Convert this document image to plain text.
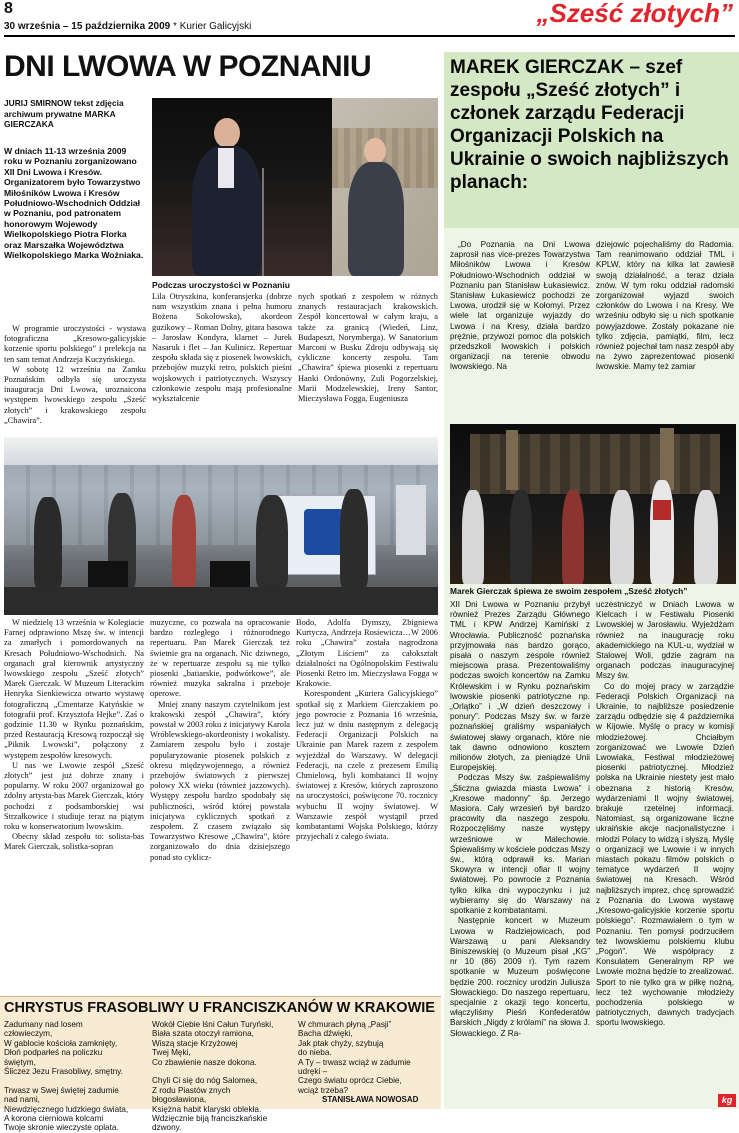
8
30 września – 15 października 2009 * Kurier Galicyjski	„Sześć złotych”
DNI LWOWA W POZNANIU
JURIJ SMIRNOW tekst zdjęcia archiwum prywatne MARKA GIERCZAKA
W dniach 11-13 września 2009 roku w Poznaniu zorganizowano XII Dni Lwowa i Kresów. Organizatorem było Towarzystwo Miłośników Lwowa i Kresów Południowo-Wschodnich Oddział w Poznaniu, pod patronatem honorowym Wojewody Wielkopolskiego Piotra Florka oraz Marszałka Województwa Wielkopolskiego Marka Woźniaka.

W programie uroczystości - wystawa fotograficzna „Kresowo-galicyjskie korzenie sportu polskiego” i prelekcja na ten sam temat Andrzeja Kuczyńskiego.

W sobotę 12 września na Zamku Poznańskim odbyła się uroczysta inauguracja Dni Lwowa, uroznaicona występem lwowskiego zespołu „Sześć złotych” i krakowskiego zespołu „Chawira”.

Podczas uroczystości w Poznaniu

Lila Otryszkina, konferansjerka (dobrze nam wszystkim znana i pełna humoru Bożena Sokołowska), akordeon guzikowy – Roman Dolny, gitara basowa – Jarosław Kondyra, klarnet – Jurek Nasaruk i flet – Jan Kulinicz. Repertuar zespołu składa się z piosenek lwowskich, przebojów muzyki retro, polskich pieśni wojskowych i patriotycznych. Wszyscy członkowie zespołu mają profesionalne wykształcenie

nych spotkań z zespołem w różnych znanych restauracjach krakowskich. Zespół koncertował w całym kraju, a także za granicą (Wiedeń, Linz, Budapeszt, Norymberga). W Sanatorium Marconi w Busku Zdroju odbywają się cykliczne koncerty zespołu. Tam „Chawira” śpiewa piosenki z repertuaru Hanki Ordonówny, Zuli Pogorzelskiej, Marii Modzelewskiej, Ireny Santor, Mieczysława Fogga, Eugeniusza

W niedzielę 13 września w Kolegiacie Farnej odprawiono Mszę św. w intencji za zmarłych i pomordowanych na Kresach Południowo-Wschodnich. Na organach grał kierownik artystyczny lwowskiego zespołu „Sześć złotych” Marek Gierczak. W Muzeum Literackim Henryka Sienkiewicza otwarto wystawę fotograficzną „Cmentarze Katyńskie w fotografii prof. Krzysztofa Hejke”. Zaś o godzinie 11.30 w Rynku poznańskim, przed Restauracją Kresową rozpoczął się „Piknik Lwowski”, połączony z występem zespołów kresowych.

U nas we Lwowie zespół „Sześć złotych” jest już dobrze znany i popularny. W roku 2007 organizował go zdolny artysta-bas Marek Gierczak, który pochodzi z podsamborskiej wsi Strzałkowice i studiuje teraz na piątym roku w konserwatorium lwowskim.

Obecny skład zespołu to: solista-bas Marek Gierczak, solistka-sopran

muzyczne, co pozwala na opracowanie bardzo rozległego i różnorodnego repertuaru. Pan Marek Gierczak też świetnie gra na organach. Nic dziwnego, że w repertuarze zespołu są nie tylko piosenki „batiarskie, podwórkowe”, ale również muzyka sakralna i przeboje operowe.

Mniej znany naszym czytelnikom jest krakowski zespół „Chawira”, który powstał w 2003 roku z inicjatywy Karola Wróblewskiego-akordeonisty i wokalisty. Zamiarem zespołu było i zostaje popularyzowanie piosenek polskich z okresu międzywojennego, a również przebojów światowych z pierwszej połowy XX wieku (również jazzowych). Występy zespołu bardzo spodobały się publiczności, wśród której powstała inicjatywa cyklicznych spotkań z zespołem. Z czasem związało się Towarzystwo Kresowe „Chawira”, które zorganizowało do dnia dzisiejszego ponad sto cyklicz-

Bodo, Adolfa Dymszy, Zbigniewa Kurtycza, Andrzeja Rosiewicza…W 2006 roku „Chawira” została nagrodzona „Złotym Liściem” za całokształt działalności na Ogólnopolskim Festiwalu Piosenki Retro im. Mieczysława Fogga w Krakowie.

Korespondent „Kuriera Galicyjskiego” spotkał się z Markiem Gierczakiem po jego powrocie z Poznania 16 września, lecz już w dniu następnym z delegacją Federacji Organizacji Polskich na Ukrainie pan Marek razem z zespołem wyjeżdżał do Warszawy. W delegacji Federacji, na czele z prezesem Emilią Chmielową, byli kombatanci II wojny światowej z Kresów, których zaproszono na uroczystości, poświęcone 70. rocznicy wybuchu II wojny światowej. W Warszawie zespół wystąpił przed kombatantami Wojska Polskiego, którzy przyjechali z całego świata.

CHRYSTUS FRASOBLIWY U FRANCISZKANÓW W KRAKOWIE
Zadumany nad losem
człowieczym,
W gablocie kościoła zamknięty,
Dłoń podparłeś na policzku
świętym,
Śliczez Jezu Frasobliwy, smętny.

Trwasz w Swej świętej zadumie
nad nami,
Niewdzięcznego ludzkiego świata,
A korona cierniowa kolcami
Twoje skronie wieczyste oplata.
Wokół Ciebie lśni Całun Turyński,
Biała szata otoczył ramiona,
Wiszą stacje Krzyżowej
Twej Męki,
Co zbawienie nasze dokona.

Chyli Ci się do nóg Salomea,
Z rodu Piastów znych
błogosławiona,
Księżna habit klaryski oblekła.
Wdzięcznie biją franciszkańskie
dzwony.
W chmurach płyną „Pasji”
Bacha dźwięki,
Jak ptak chyży, szybują
do nieba.
A Ty – trwasz wciąż w zadumie
udręki –
Czego światu oprócz Ciebie,
wciąż trzeba?
STANISŁAWA NOWOSAD
MAREK GIERCZAK – szef zespołu „Sześć złotych” i członek zarządu Federacji Organizacji Polskich na Ukrainie o swoich najbliższych planach:

„Do Poznania na Dni Lwowa zaprosił nas vice-prezes Towarzystwa Miłośników Lwowa i Kresów Południowo-Wschodnich oddział w Poznaniu pan Stanisław Łukasiewicz. Stanisław Łukasiewicz pochodzi ze Lwowa, urodził się w Kołomyi. Przez wiele lat organizuje wyjazdy do Lwowa i na Kresy, działa bardzo prężnie, przywozi pomoc dla polskich przedszkoli lwowskich i polskich organizacji na terenie obwodu lwowskiego. Na

dziejowic pojechaliśmy do Radomia. Tam reanimowano oddział TML i KPLW, który na kilka lat zawiesił swoją działalność, a teraz działa znów. W tym roku oddział radomski zorganizował wyjazd swoich członków do Lwowa i na Kresy. We wrześniu odbyło się u nich spotkanie powyjazdowe. Zostały pokazane nie tylko zdjęcia, pamiątki, film, lecz również pojechał tam nasz zespół aby na żywo zaprezentować piosenki lwowskie. Mamy też zamiar

Marek Gierczak śpiewa ze swoim zespołem „Sześć złotych”

XII Dni Lwowa w Poznaniu przybył również Prezes Zarządu Głównego TML i KPW Andrzej Kamiński z Wrocławia. Publiczność poznańska przyjmowała nas bardzo gorąco, pisała o naszym zespole również miejscowa prasa. Prezentowaliśmy podczas swoich koncertów na Zamku Królewskim i w Rynku poznańskim lwowskie piosenki patriotyczne np. „Orlątko” i „W dzień deszczowy i ponury”. Podczas Mszy św. w farze poznańskiej graliśmy wspaniałych światowej sławy organach, które nie tak dawno odnowiono kosztem milionów złotych, za pieniądze Unii Europejskiej.

Podczas Mszy św. zaśpiewaliśmy „Śliczna gwiazda miasta Lwowa” i „Kresowe madonny” śp. Jerzego Masiora. Cały wrzesień był bardzo pracowity dla naszego zespołu. Rozpoczęliśmy nasze występy wrześniowe w Malechowie. Śpiewaliśmy w kościele podczas Mszy św., którą odprawił ks. Marian Skowyra w intencji ofiar II wojny światowej. Po powrocie z Poznania tylko kilka dni wypoczynku i już wybieramy się do Warszawy na spotkanie z kombatantami.

Następnie koncert w Muzeum Lwowa w Radziejowicach, pod Warszawą u pani Aleksandry Biniszewskiej (o Muzeum pisał „KG” nr 10 (86) 2009 r). Tym razem spotkanie w Muzeum poświęcone będzie 200. rocznicy urodzin Juliusza Słowackiego. Do naszego repertuaru, specjalnie z okazji tego koncertu, włączyliśmy Pieśń Konfederatów Barskich „Nigdy z królami” na słowa J. Słowackiego. Z Ra-

uczestniczyć w Dniach Lwowa w Kielcach i w Festiwalu Piosenki Lwowskiej w Jarosławiu. Wyjeżdżam również na inaugurację roku akademickiego na KUL-u, wydział w Stalowej Woli, gdzie zagram na organach podczas inauguracyjnej Mszy św.

Co do mojej pracy w zarządzie Federacji Polskich Organizacji na Ukrainie, to najbliższe posiedzenie zarządu odbędzie się 4 października w Kijowie. Myślę o pracy w komisji młodzieżowej. Chciałbym zorganizować we Lwowie Dzień Lwowiaka, Festiwal młodzieżowej piosenki patriotycznej. Młodzież polska na Ukrainie niestety jest mało obeznana z historią Kresów, wydarzeniami II wojny światowej, brakuje rzetelnej informacji. Natomiast, są organizowane liczne ukraińskie akcje nacjonalistyczne i młodzi Polacy to widzą i słyszą. Myślę o organizacji we Lwowie i w innych miastach pokazu filmów polskich o tematyce wydarzeń II wojny światowej na Kresach. Wśród najbliższych imprez, chcę sprowadzić z Poznania do Lwowa wystawę „Kresowo-galicyjskie korzenie sportu polskiego”. Rozmawiałem o tym w Poznaniu. Ten pomysł podrzuciłem też lwowskiemu polskiemu klubu „Pogoń”. We współpracy z Konsulatem Generalnym RP we Lwowie można będzie to zrealizować. Sport to nie tylko gra w piłkę nożną, lecz też wychowanie młodzieży pochodzenia polskiego w patriotycznych, dawnych tradycjach sportu lwowskiego.

kg
